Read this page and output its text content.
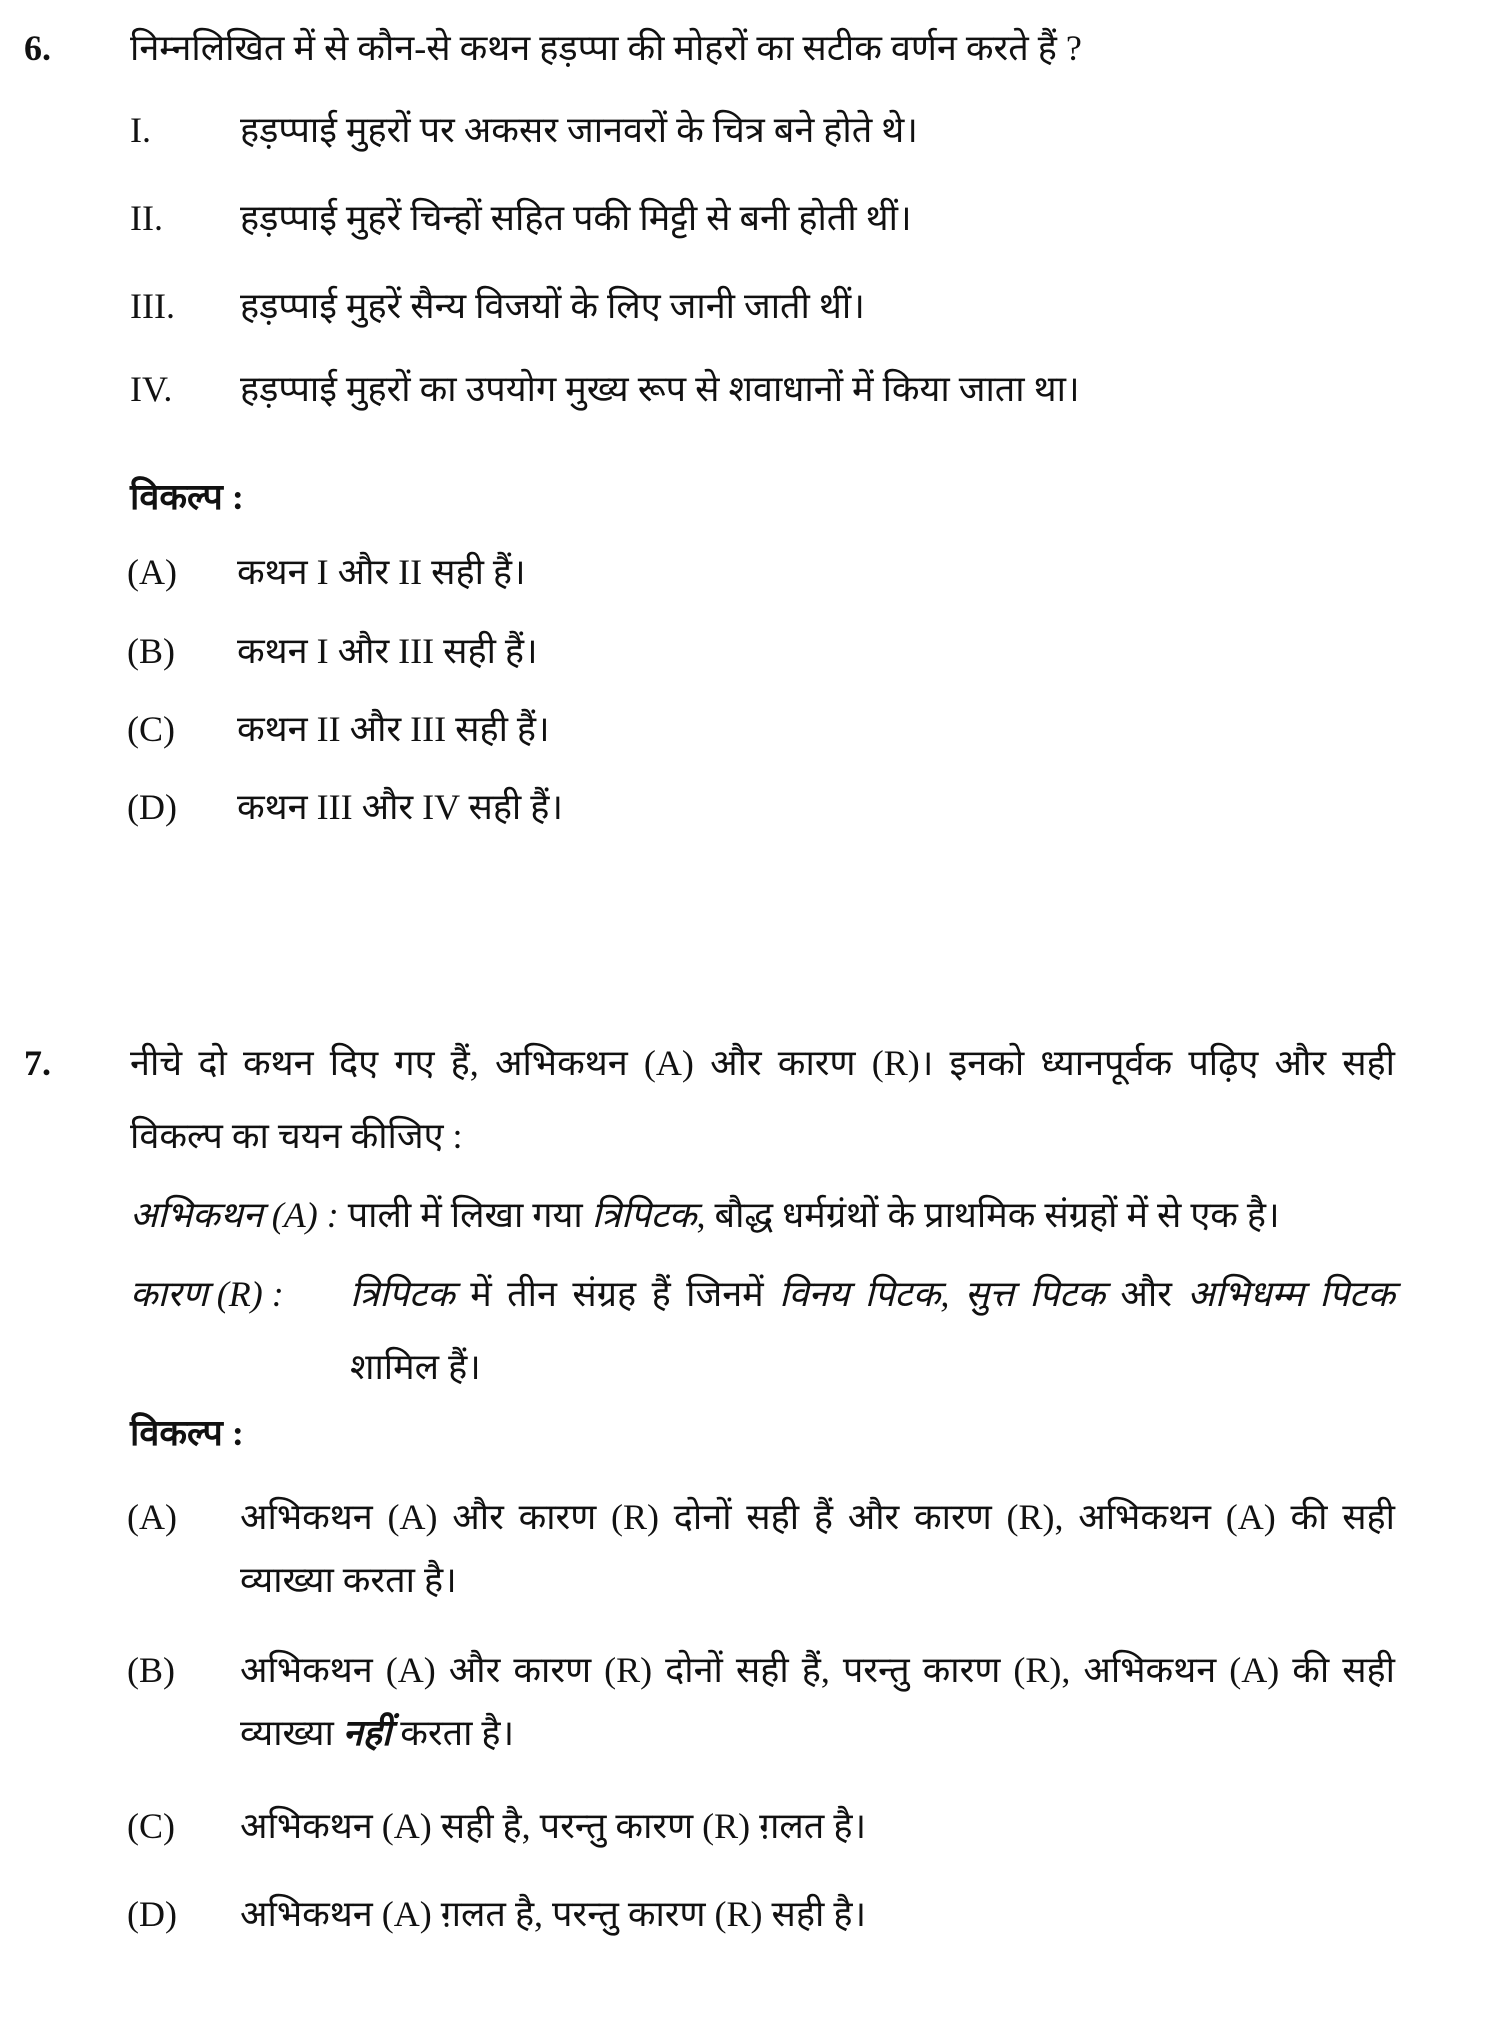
6. निम्नलिखित में से कौन-से कथन हड़प्पा की मोहरों का सटीक वर्णन करते हैं ?
I. हड़प्पाई मुहरों पर अकसर जानवरों के चित्र बने होते थे।
II. हड़प्पाई मुहरें चिन्हों सहित पकी मिट्टी से बनी होती थीं।
III. हड़प्पाई मुहरें सैन्य विजयों के लिए जानी जाती थीं।
IV. हड़प्पाई मुहरों का उपयोग मुख्य रूप से शवाधानों में किया जाता था।
विकल्प :
(A) कथन I और II सही हैं।
(B) कथन I और III सही हैं।
(C) कथन II और III सही हैं।
(D) कथन III और IV सही हैं।
7. नीचे दो कथन दिए गए हैं, अभिकथन (A) और कारण (R)। इनको ध्यानपूर्वक पढ़िए और सही
विकल्प का चयन कीजिए :
अभिकथन (A) : पाली में लिखा गया त्रिपिटक, बौद्ध धर्मग्रंथों के प्राथमिक संग्रहों में से एक है।
कारण (R) : त्रिपिटक में तीन संग्रह हैं जिनमें विनय पिटक, सुत्त पिटक और अभिधम्म पिटक
शामिल हैं।
विकल्प :
(A) अभिकथन (A) और कारण (R) दोनों सही हैं और कारण (R), अभिकथन (A) की सही
व्याख्या करता है।
(B) अभिकथन (A) और कारण (R) दोनों सही हैं, परन्तु कारण (R), अभिकथन (A) की सही
व्याख्या नहीं करता है।
(C) अभिकथन (A) सही है, परन्तु कारण (R) ग़लत है।
(D) अभिकथन (A) ग़लत है, परन्तु कारण (R) सही है।
